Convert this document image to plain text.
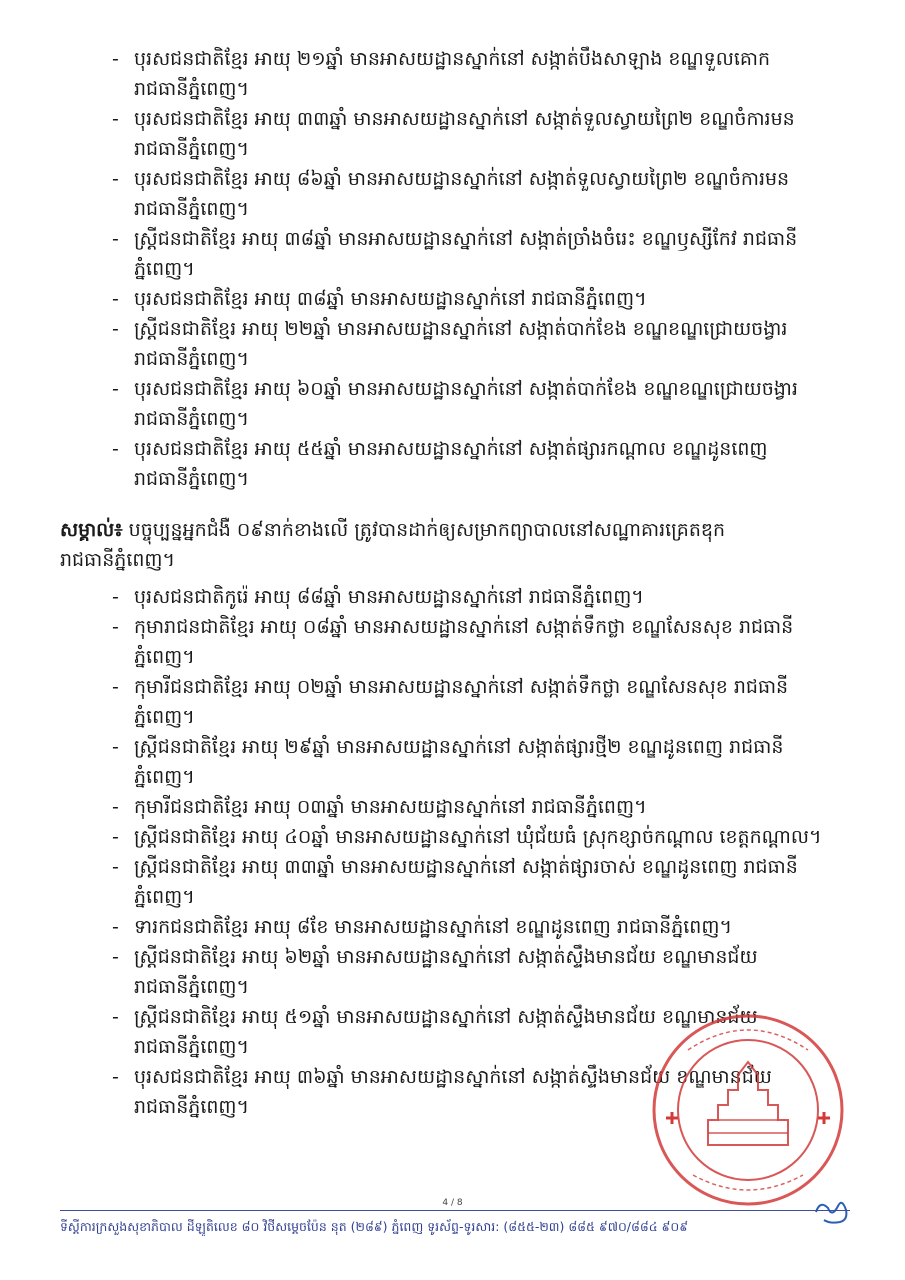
- បុរសជនជាតិខ្មែរ អាយុ ២១ឆ្នាំ មានអាសយដ្ឋានស្នាក់នៅ សង្កាត់បឹងសាឡាង ខណ្ឌទួលគោក
រាជធានីភ្នំពេញ។
- បុរសជនជាតិខ្មែរ អាយុ ៣៣ឆ្នាំ មានអាសយដ្ឋានស្នាក់នៅ សង្កាត់ទួលស្វាយព្រៃ២ ខណ្ឌចំការមន
រាជធានីភ្នំពេញ។
- បុរសជនជាតិខ្មែរ អាយុ ៨៦ឆ្នាំ មានអាសយដ្ឋានស្នាក់នៅ សង្កាត់ទួលស្វាយព្រៃ២ ខណ្ឌចំការមន
រាជធានីភ្នំពេញ។
- ស្ត្រីជនជាតិខ្មែរ អាយុ ៣៨ឆ្នាំ មានអាសយដ្ឋានស្នាក់នៅ សង្កាត់ច្រាំងចំរេះ ខណ្ឌឫស្សីកែវ រាជធានី
ភ្នំពេញ។
- បុរសជនជាតិខ្មែរ អាយុ ៣៨ឆ្នាំ មានអាសយដ្ឋានស្នាក់នៅ រាជធានីភ្នំពេញ។
- ស្ត្រីជនជាតិខ្មែរ អាយុ ២២ឆ្នាំ មានអាសយដ្ឋានស្នាក់នៅ សង្កាត់បាក់ខែង ខណ្ឌខណ្ឌជ្រោយចង្វារ
រាជធានីភ្នំពេញ។
- បុរសជនជាតិខ្មែរ អាយុ ៦០ឆ្នាំ មានអាសយដ្ឋានស្នាក់នៅ សង្កាត់បាក់ខែង ខណ្ឌខណ្ឌជ្រោយចង្វារ
រាជធានីភ្នំពេញ។
- បុរសជនជាតិខ្មែរ អាយុ ៥៥ឆ្នាំ មានអាសយដ្ឋានស្នាក់នៅ សង្កាត់ផ្សារកណ្តាល ខណ្ឌដូនពេញ
រាជធានីភ្នំពេញ។
សម្គាល់៖ បច្ចុប្បន្នអ្នកជំងឺ ០៩នាក់ខាងលើ ត្រូវបានដាក់ឲ្យសម្រាកព្យាបាលនៅសណ្ឋាគារគ្រេតឌុក
រាជធានីភ្នំពេញ។
- បុរសជនជាតិកូរ៉េ អាយុ ៨៨ឆ្នាំ មានអាសយដ្ឋានស្នាក់នៅ រាជធានីភ្នំពេញ។
- កុមារាជនជាតិខ្មែរ អាយុ ០៨ឆ្នាំ មានអាសយដ្ឋានស្នាក់នៅ សង្កាត់ទឹកថ្លា ខណ្ឌសែនសុខ រាជធានី
ភ្នំពេញ។
- កុមារីជនជាតិខ្មែរ អាយុ ០២ឆ្នាំ មានអាសយដ្ឋានស្នាក់នៅ សង្កាត់ទឹកថ្លា ខណ្ឌសែនសុខ រាជធានី
ភ្នំពេញ។
- ស្ត្រីជនជាតិខ្មែរ អាយុ ២៩ឆ្នាំ មានអាសយដ្ឋានស្នាក់នៅ សង្កាត់ផ្សារថ្មី២ ខណ្ឌដូនពេញ រាជធានី
ភ្នំពេញ។
- កុមារីជនជាតិខ្មែរ អាយុ ០៣ឆ្នាំ មានអាសយដ្ឋានស្នាក់នៅ រាជធានីភ្នំពេញ។
- ស្ត្រីជនជាតិខ្មែរ អាយុ ៤០ឆ្នាំ មានអាសយដ្ឋានស្នាក់នៅ ឃុំជ័យធំ ស្រុកខ្សាច់កណ្តាល ខេត្តកណ្តាល។
- ស្ត្រីជនជាតិខ្មែរ អាយុ ៣៣ឆ្នាំ មានអាសយដ្ឋានស្នាក់នៅ សង្កាត់ផ្សារចាស់ ខណ្ឌដូនពេញ រាជធានី
ភ្នំពេញ។
- ទារកជនជាតិខ្មែរ អាយុ ៨ខែ មានអាសយដ្ឋានស្នាក់នៅ ខណ្ឌដូនពេញ រាជធានីភ្នំពេញ។
- ស្ត្រីជនជាតិខ្មែរ អាយុ ៦២ឆ្នាំ មានអាសយដ្ឋានស្នាក់នៅ សង្កាត់ស្ទឹងមានជ័យ ខណ្ឌមានជ័យ
រាជធានីភ្នំពេញ។
- ស្ត្រីជនជាតិខ្មែរ អាយុ ៥១ឆ្នាំ មានអាសយដ្ឋានស្នាក់នៅ សង្កាត់ស្ទឹងមានជ័យ ខណ្ឌមានជ័យ
រាជធានីភ្នំពេញ។
- បុរសជនជាតិខ្មែរ អាយុ ៣៦ឆ្នាំ មានអាសយដ្ឋានស្នាក់នៅ សង្កាត់ស្ទឹងមានជ័យ ខណ្ឌមានជ័យ
រាជធានីភ្នំពេញ។
4 / 8
ទីស្តីការក្រសួងសុខាភិបាល ដីឡូតិលេខ ៨០ វិថីសម្តេចប៉ែន នុត (២៨៩) ភ្នំពេញ ទូរស័ព្ទ-ទូរសារ: (៨៥៥-២៣) ៨៨៥ ៩៧០/៨៨៤ ៩០៩
